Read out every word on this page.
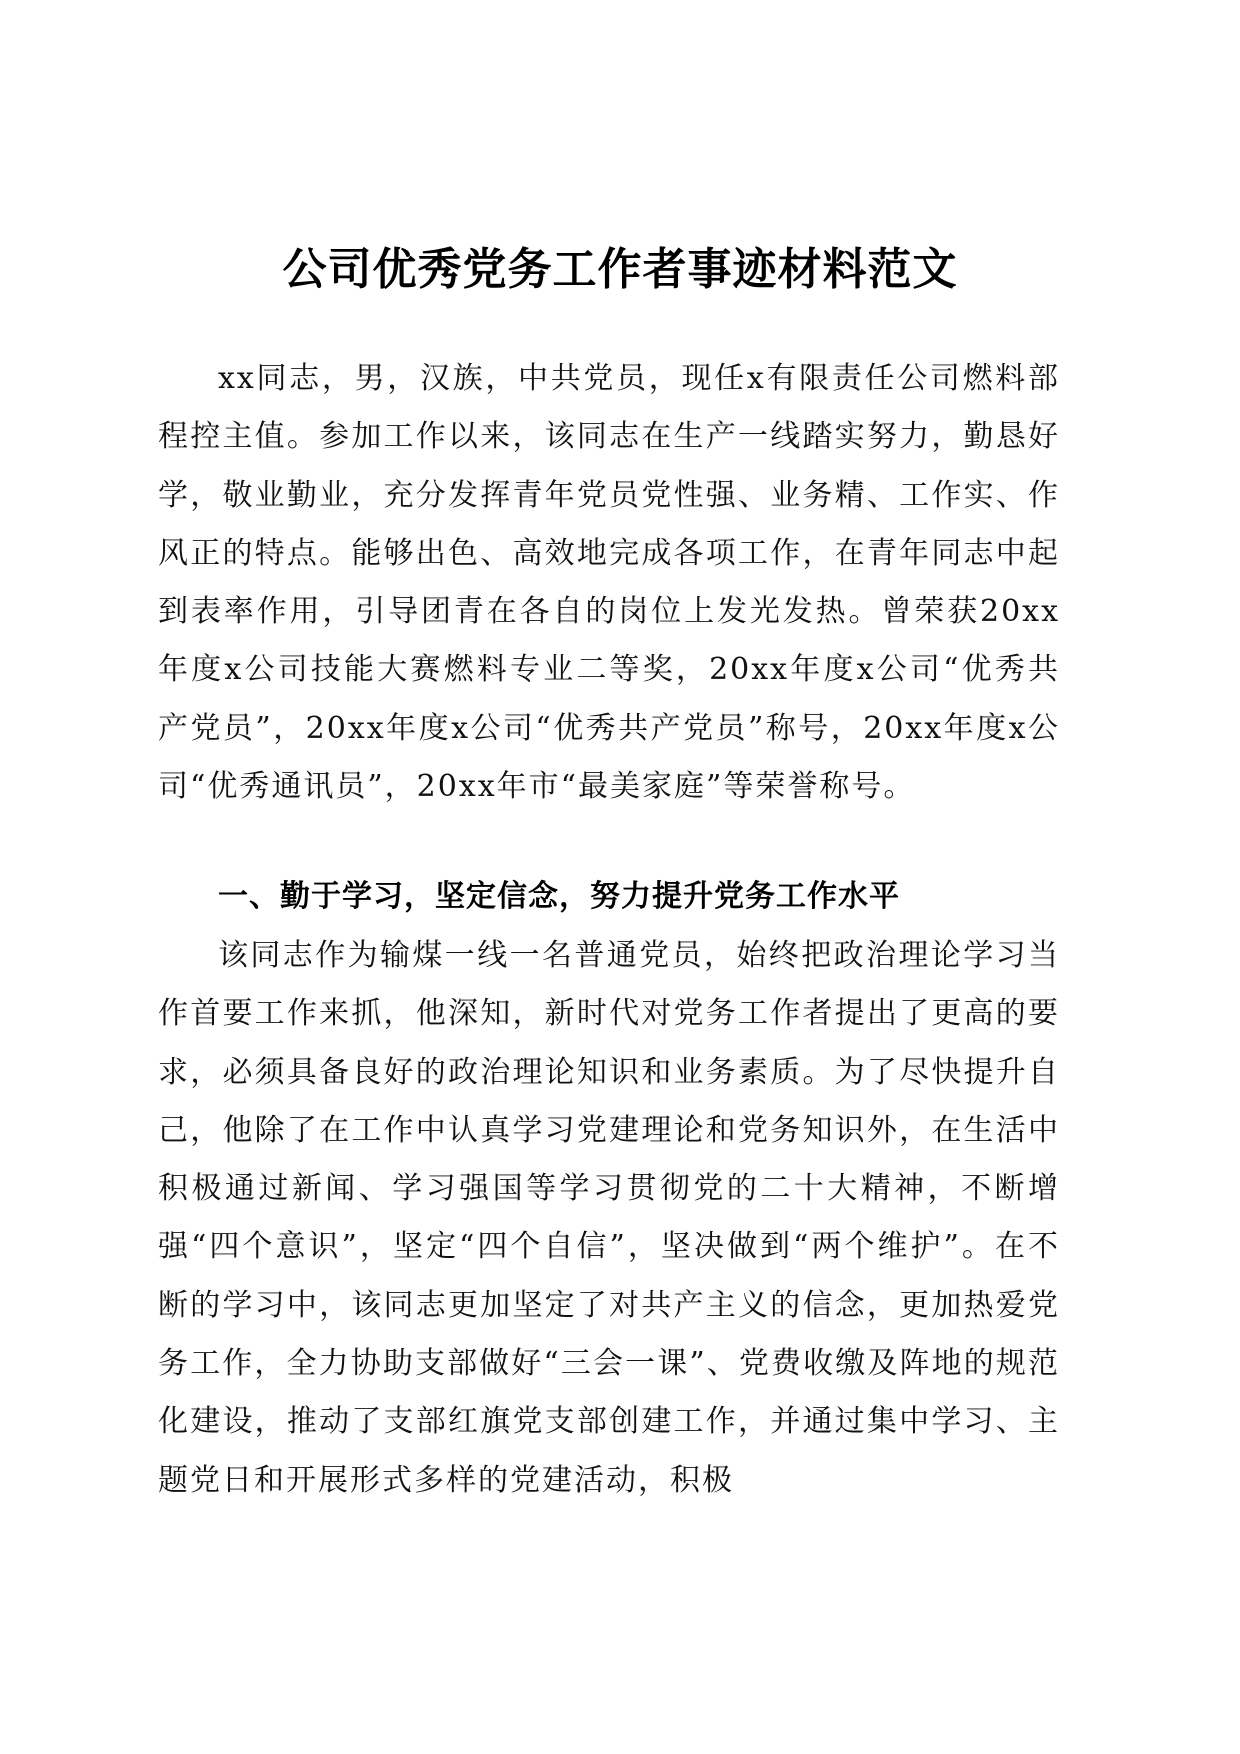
公司优秀党务工作者事迹材料范文

xx同志，男，汉族，中共党员，现任x有限责任公司燃料部程控主值。参加工作以来，该同志在生产一线踏实努力，勤恳好学，敬业勤业，充分发挥青年党员党性强、业务精、工作实、作风正的特点。能够出色、高效地完成各项工作，在青年同志中起到表率作用，引导团青在各自的岗位上发光发热。曾荣获20xx年度x公司技能大赛燃料专业二等奖，20xx年度x公司“优秀共产党员”，20xx年度x公司“优秀共产党员”称号，20xx年度x公司“优秀通讯员”，20xx年市“最美家庭”等荣誉称号。

一、勤于学习，坚定信念，努力提升党务工作水平

该同志作为输煤一线一名普通党员，始终把政治理论学习当作首要工作来抓，他深知，新时代对党务工作者提出了更高的要求，必须具备良好的政治理论知识和业务素质。为了尽快提升自己，他除了在工作中认真学习党建理论和党务知识外，在生活中积极通过新闻、学习强国等学习贯彻党的二十大精神，不断增强“四个意识”，坚定“四个自信”，坚决做到“两个维护”。在不断的学习中，该同志更加坚定了对共产主义的信念，更加热爱党务工作，全力协助支部做好“三会一课”、党费收缴及阵地的规范化建设，推动了支部红旗党支部创建工作，并通过集中学习、主题党日和开展形式多样的党建活动，积极
